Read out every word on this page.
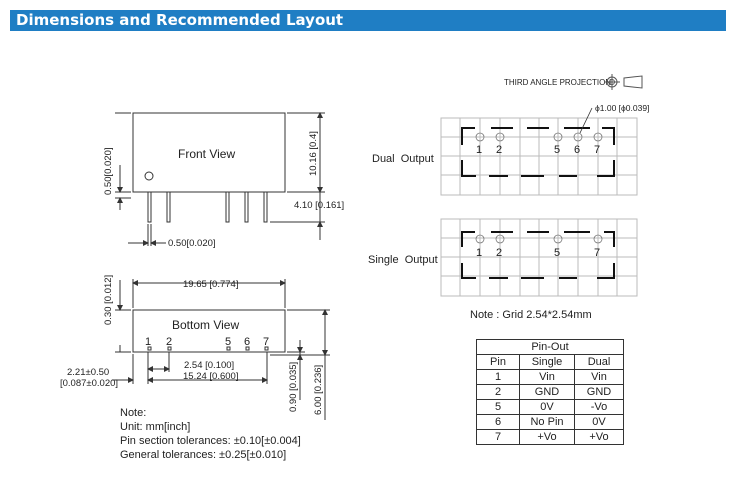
Dimensions and Recommended Layout
Front View
0.50[0.020]	10.16 [0.4]
4.10 [0.161]
0.50[0.020]
Bottom View
1 2	5 6 7
19.65 [0.774]
0.30 [0.012]
2.54 [0.100]
15.24 [0.600]
2.21±0.50
[0.087±0.020]	0.90 [0.035] 6.00 [0.236]
THIRD ANGLE PROJECTION
ϕ1.00 [ϕ0.039]
1 2	5 6 7
Dual  Output
1 2	5	7
Single  Output
Note : Grid 2.54*2.54mm
Pin-Out		
Pin	Single	Dual
1	Vin	Vin
2	GND	GND
5	0V	-Vo
6	No Pin	0V
7	+Vo	+Vo
Note:
Unit: mm[inch]
Pin section tolerances: ±0.10[±0.004]
General tolerances: ±0.25[±0.010]
